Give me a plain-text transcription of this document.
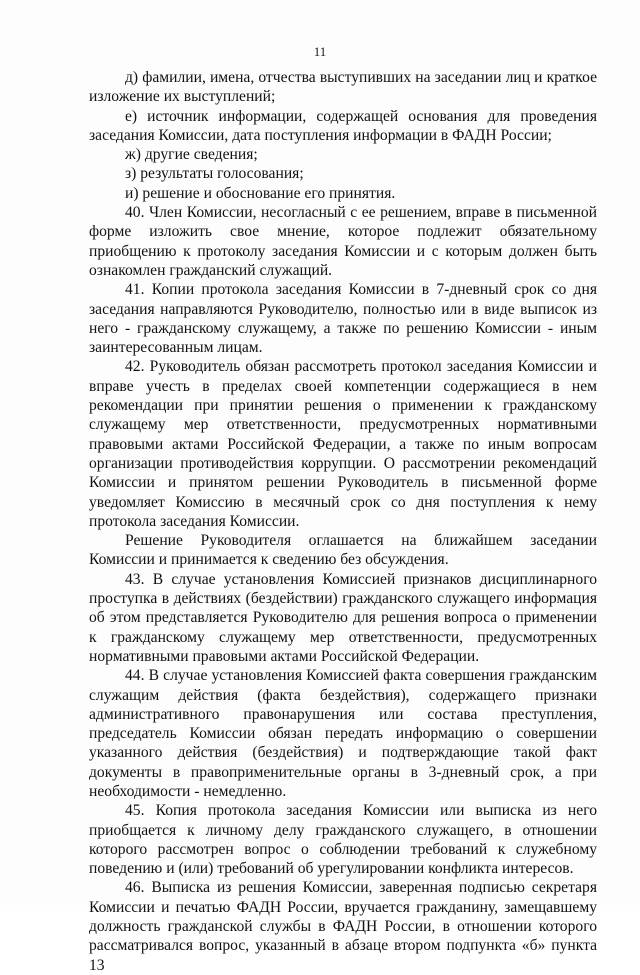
11

д) фамилии, имена, отчества выступивших на заседании лиц и краткое изложение их выступлений;

е) источник информации, содержащей основания для проведения заседания Комиссии, дата поступления информации в ФАДН России;

ж) другие сведения;

з) результаты голосования;

и) решение и обоснование его принятия.

40. Член Комиссии, несогласный с ее решением, вправе в письменной форме изложить свое мнение, которое подлежит обязательному приобщению к протоколу заседания Комиссии и с которым должен быть ознакомлен гражданский служащий.

41. Копии протокола заседания Комиссии в 7-дневный срок со дня заседания направляются Руководителю, полностью или в виде выписок из него - гражданскому служащему, а также по решению Комиссии - иным заинтересованным лицам.

42. Руководитель обязан рассмотреть протокол заседания Комиссии и вправе учесть в пределах своей компетенции содержащиеся в нем рекомендации при принятии решения о применении к гражданскому служащему мер ответственности, предусмотренных нормативными правовыми актами Российской Федерации, а также по иным вопросам организации противодействия коррупции. О рассмотрении рекомендаций Комиссии и принятом решении Руководитель в письменной форме уведомляет Комиссию в месячный срок со дня поступления к нему протокола заседания Комиссии.

Решение Руководителя оглашается на ближайшем заседании Комиссии и принимается к сведению без обсуждения.

43. В случае установления Комиссией признаков дисциплинарного проступка в действиях (бездействии) гражданского служащего информация об этом представляется Руководителю для решения вопроса о применении к гражданскому служащему мер ответственности, предусмотренных нормативными правовыми актами Российской Федерации.

44. В случае установления Комиссией факта совершения гражданским служащим действия (факта бездействия), содержащего признаки административного правонарушения или состава преступления, председатель Комиссии обязан передать информацию о совершении указанного действия (бездействия) и подтверждающие такой факт документы в правоприменительные органы в 3-дневный срок, а при необходимости - немедленно.

45. Копия протокола заседания Комиссии или выписка из него приобщается к личному делу гражданского служащего, в отношении которого рассмотрен вопрос о соблюдении требований к служебному поведению и (или) требований об урегулировании конфликта интересов.

46. Выписка из решения Комиссии, заверенная подписью секретаря Комиссии и печатью ФАДН России, вручается гражданину, замещавшему должность гражданской службы в ФАДН России, в отношении которого рассматривался вопрос, указанный в абзаце втором подпункта «б» пункта 13
